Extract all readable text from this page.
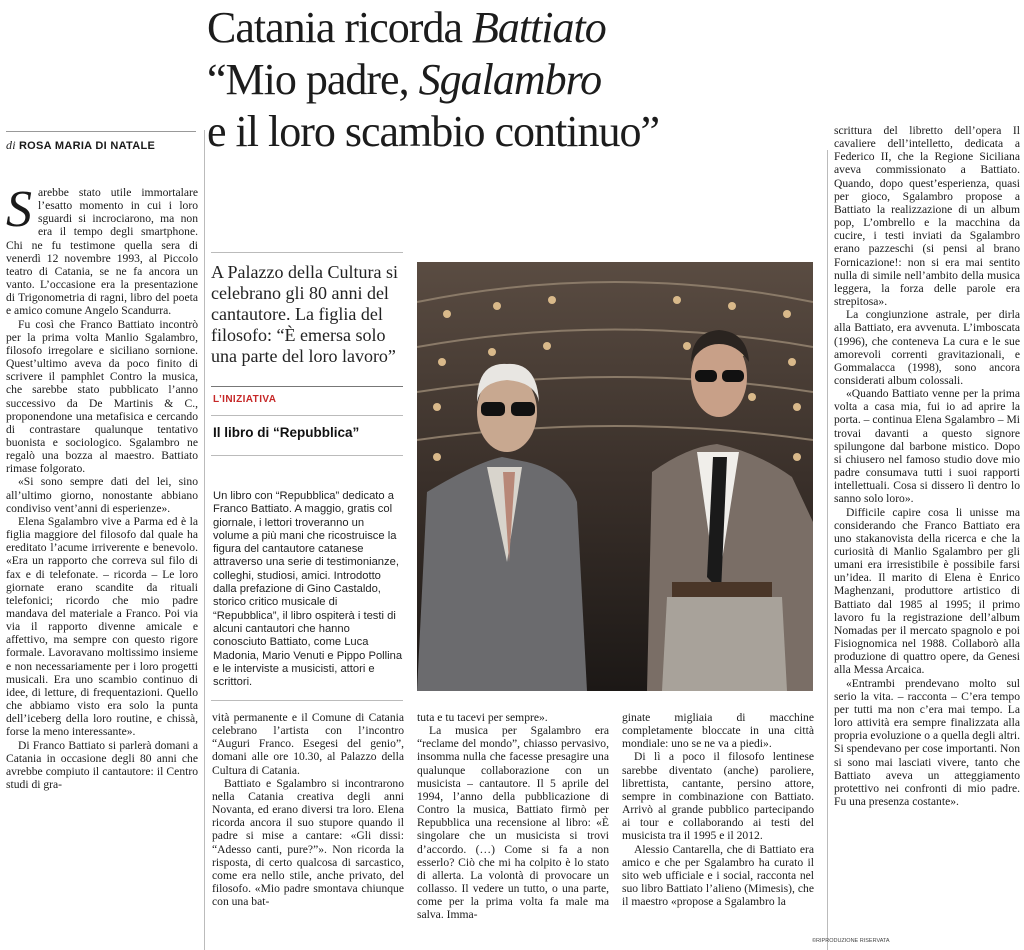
Catania ricorda Battiato
“Mio padre, Sgalambro
e il loro scambio continuo”
di ROSA MARIA DI NATALE
A Palazzo della Cultura si celebrano gli 80 anni del cantautore. La figlia del filosofo: “È emersa solo una parte del loro lavoro”
L’INIZIATIVA
Il libro di “Repubblica”
Un libro con “Repubblica” dedicato a Franco Battiato. A maggio, gratis col giornale, i lettori troveranno un volume a più mani che ricostruisce la figura del cantautore catanese attraverso una serie di testimonianze, colleghi, studiosi, amici. Introdotto dalla prefazione di Gino Castaldo, storico critico musicale di “Repubblica”, il libro ospiterà i testi di alcuni cantautori che hanno conosciuto Battiato, come Luca Madonia, Mario Venuti e Pippo Pollina e le interviste a musicisti, attori e scrittori.
S arebbe stato utile immortalare l’esatto momento in cui i loro sguardi si incrociarono, ma non era il tempo degli smartphone. Chi ne fu testimone quella sera di venerdì 12 novembre 1993, al Piccolo teatro di Catania, se ne fa ancora un vanto. L’occasione era la presentazione di Trigonometria di ragni, libro del poeta e amico comune Angelo Scandurra.

Fu così che Franco Battiato incontrò per la prima volta Manlio Sgalambro, filosofo irregolare e siciliano sornione. Quest’ultimo aveva da poco finito di scrivere il pamphlet Contro la musica, che sarebbe stato pubblicato l’anno successivo da De Martinis & C., proponendone una metafisica e cercando di contrastare qualunque tentativo buonista e sociologico. Sgalambro ne regalò una bozza al maestro. Battiato rimase folgorato.

«Si sono sempre dati del lei, sino all’ultimo giorno, nonostante abbiano condiviso vent’anni di esperienze».

Elena Sgalambro vive a Parma ed è la figlia maggiore del filosofo dal quale ha ereditato l’acume irriverente e benevolo. «Era un rapporto che correva sul filo di fax e di telefonate. – ricorda – Le loro giornate erano scandite da rituali telefonici; ricordo che mio padre mandava del materiale a Franco. Poi via via il rapporto divenne amicale e affettivo, ma sempre con questo rigore formale. Lavoravano moltissimo insieme e non necessariamente per i loro progetti musicali. Era uno scambio continuo di idee, di letture, di frequentazioni. Quello che abbiamo visto era solo la punta dell’iceberg della loro routine, e chissà, forse la meno interessante».

Di Franco Battiato si parlerà domani a Catania in occasione degli 80 anni che avrebbe compiuto il cantautore: il Centro studi di gra-

vità permanente e il Comune di Catania celebrano l’artista con l’incontro “Auguri Franco. Esegesi del genio”, domani alle ore 10.30, al Palazzo della Cultura di Catania.

Battiato e Sgalambro si incontrarono nella Catania creativa degli anni Novanta, ed erano diversi tra loro. Elena ricorda ancora il suo stupore quando il padre si mise a cantare: «Gli dissi: “Adesso canti, pure?”». Non ricorda la risposta, di certo qualcosa di sarcastico, come era nello stile, anche privato, del filosofo. «Mio padre smontava chiunque con una bat-

tuta e tu tacevi per sempre».

La musica per Sgalambro era “reclame del mondo”, chiasso pervasivo, insomma nulla che facesse presagire una qualunque collaborazione con un musicista – cantautore. Il 5 aprile del 1994, l’anno della pubblicazione di Contro la musica, Battiato firmò per Repubblica una recensione al libro: «È singolare che un musicista si trovi d’accordo. (…) Come si fa a non esserlo? Ciò che mi ha colpito è lo stato di allerta. La volontà di provocare un collasso. Il vedere un tutto, o una parte, come per la prima volta fa male ma salva. Imma-

ginate migliaia di macchine completamente bloccate in una città mondiale: uno se ne va a piedi».

Di lì a poco il filosofo lentinese sarebbe diventato (anche) paroliere, librettista, cantante, persino attore, sempre in combinazione con Battiato. Arrivò al grande pubblico partecipando ai tour e collaborando ai testi del musicista tra il 1995 e il 2012.

Alessio Cantarella, che di Battiato era amico e che per Sgalambro ha curato il sito web ufficiale e i social, racconta nel suo libro Battiato l’alieno (Mimesis), che il maestro «propose a Sgalambro la

scrittura del libretto dell’opera Il cavaliere dell’intelletto, dedicata a Federico II, che la Regione Siciliana aveva commissionato a Battiato. Quando, dopo quest’esperienza, quasi per gioco, Sgalambro propose a Battiato la realizzazione di un album pop, L’ombrello e la macchina da cucire, i testi inviati da Sgalambro erano pazzeschi (si pensi al brano Fornicazione!: non si era mai sentito nulla di simile nell’ambito della musica leggera, la forza delle parole era strepitosa».

La congiunzione astrale, per dirla alla Battiato, era avvenuta. L’imboscata (1996), che conteneva La cura e le sue amorevoli correnti gravitazionali, e Gommalacca (1998), sono ancora considerati album colossali.

«Quando Battiato venne per la prima volta a casa mia, fui io ad aprire la porta. – continua Elena Sgalambro – Mi trovai davanti a questo signore spilungone dal barbone mistico. Dopo si chiusero nel famoso studio dove mio padre consumava tutti i suoi rapporti intellettuali. Cosa si dissero lì dentro lo sanno solo loro».

Difficile capire cosa li unisse ma considerando che Franco Battiato era uno stakanovista della ricerca e che la curiosità di Manlio Sgalambro per gli umani era irresistibile è possibile farsi un’idea. Il marito di Elena è Enrico Maghenzani, produttore artistico di Battiato dal 1985 al 1995; il primo lavoro fu la registrazione dell’album Nomadas per il mercato spagnolo e poi Fisiognomica nel 1988. Collaborò alla produzione di quattro opere, da Genesi alla Messa Arcaica.

«Entrambi prendevano molto sul serio la vita. – racconta – C’era tempo per tutti ma non c’era mai tempo. La loro attività era sempre finalizzata alla propria evoluzione o a quella degli altri. Si spendevano per cose importanti. Non si sono mai lasciati vivere, tanto che Battiato aveva un atteggiamento protettivo nei confronti di mio padre. Fu una presenza costante».

©RIPRODUZIONE RISERVATA
